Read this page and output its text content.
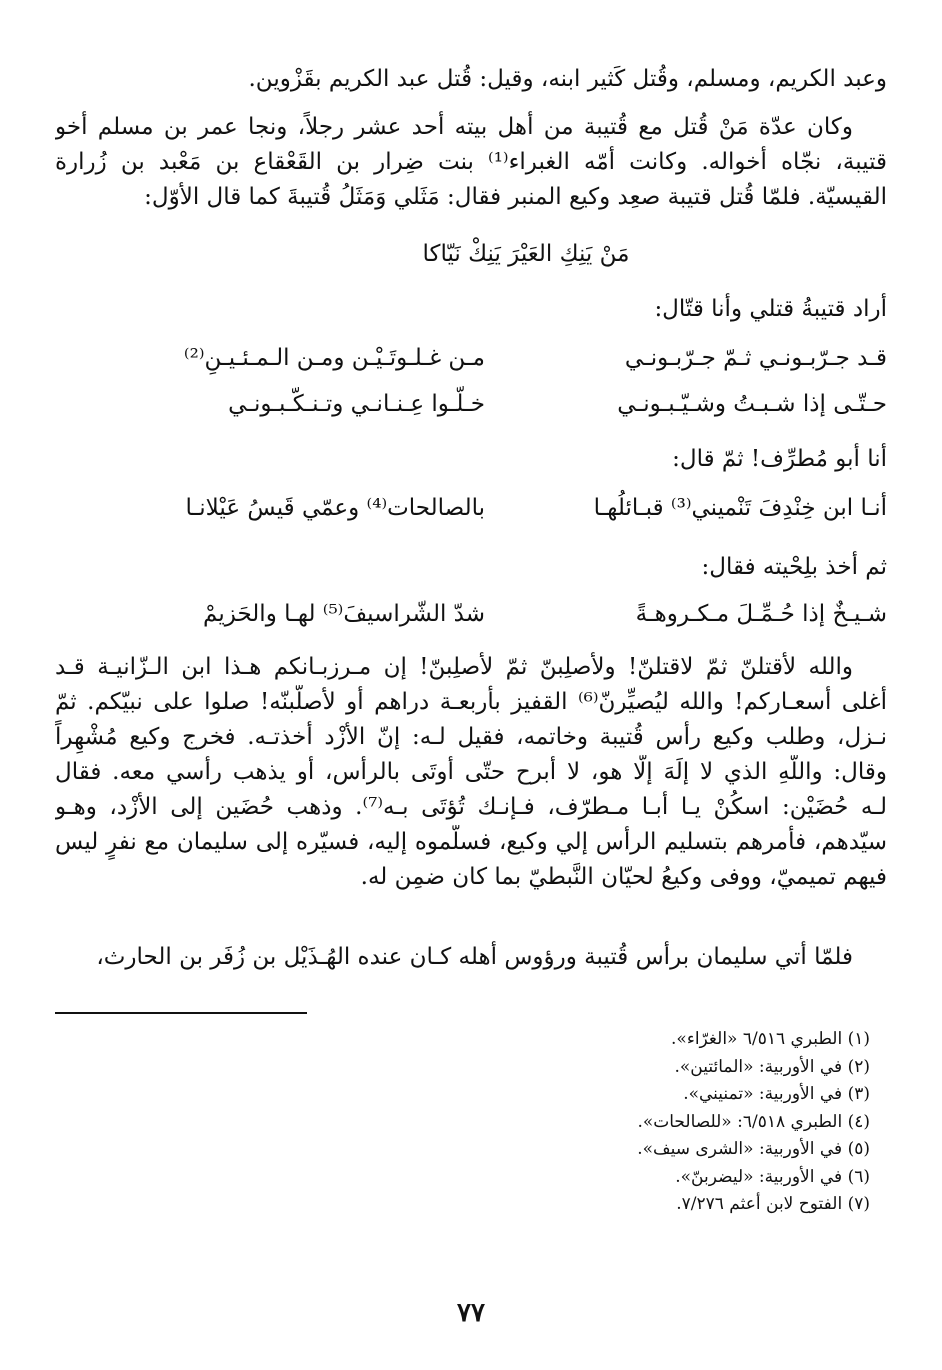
وعبد الكريم، ومسلم، وقُتل كَثير ابنه، وقيل: قُتل عبد الكريم بقَزْوين.
وكان عدّة مَنْ قُتل مع قُتيبة من أهل بيته أحد عشر رجلاً، ونجا عمر بن مسلم أخو
قتيبة، نجّاه أخواله. وكانت أمّه الغبراء⁽¹⁾ بنت ضِرار بن القَعْقاع بن مَعْبد بن زُرارة
القيسيّة. فلمّا قُتل قتيبة صعِد وكيع المنبر فقال: مَثَلي وَمَثَلُ قُتيبةَ كما قال الأوّل:
مَنْ يَنِكِ العَيْرَ يَنِكْ نَيّاكا
أراد قتيبةُ قتلي وأنا قتّال:
قـد جـرّبـونـي ثـمّ جـرّبـونـي
مـن غـلـوتَـيْـن ومـن الـمـئـيـنِ⁽²⁾
حـتّـى إذا شـبـتُ وشـيّـبـونـي
خـلّـوا عِـنـانـي وتـنـكّـبـونـي
أنا أبو مُطرِّف! ثمّ قال:
أنـا ابن خِنْدِفَ تَنْميني⁽³⁾ قبـائلُهـا
بالصالحات⁽⁴⁾ وعمّي قَيسُ عَيْلانـا
ثم أخذ بلِحْيته فقال:
شـيـخٌ إذا حُـمِّـلَ مـكـروهـةً
شدّ الشّراسيفَ⁽⁵⁾ لهـا والحَزيمْ
والله لأقتلنّ ثمّ لاقتلنّ! ولأصلِبنّ ثمّ لأصلِبنّ! إن مـرزبـانكم هـذا ابن الـزّانيـة قـد
أغلى أسعـاركم! والله ليُصيِّرنّ⁽⁶⁾ القفيز بأربعـة دراهم أو لأصلّبنّه! صلوا على نبيّكم. ثمّ
نـزل، وطلب وكيع رأس قُتيبة وخاتمه، فقيل لـه: إنّ الأزْد أخذتـه. فخرج وكيع مُشْهِراً
وقال: واللّهِ الذي لا إلَهَ إلّا هو، لا أبرح حتّى أوتَى بالرأس، أو يذهب رأسي معه. فقال
لـه حُضَيْن: اسكُنْ يـا أبـا مـطرّف، فـإنـك تُؤتَى بـه⁽⁷⁾. وذهب حُضَين إلى الأزْد، وهـو
سيّدهم، فأمرهم بتسليم الرأس إلي وكيع، فسلّموه إليه، فسيّره إلى سليمان مع نفرٍ ليس
فيهم تميميّ، ووفى وكيعُ لحيّان النَّبطيّ بما كان ضمِن له.
فلمّا أتي سليمان برأس قُتيبة ورؤوس أهله كـان عنده الهُـذَيْل بن زُفَر بن الحارث،
(١) الطبري ٦/٥١٦ «الغرّاء».
(٢) في الأوربية: «المائتين».
(٣) في الأوربية: «تمنيني».
(٤) الطبري ٦/٥١٨: «للصالحات».
(٥) في الأوربية: «الشرى سيف».
(٦) في الأوربية: «ليضربنّ».
(٧) الفتوح لابن أعثم ٧/٢٧٦.
٧٧
